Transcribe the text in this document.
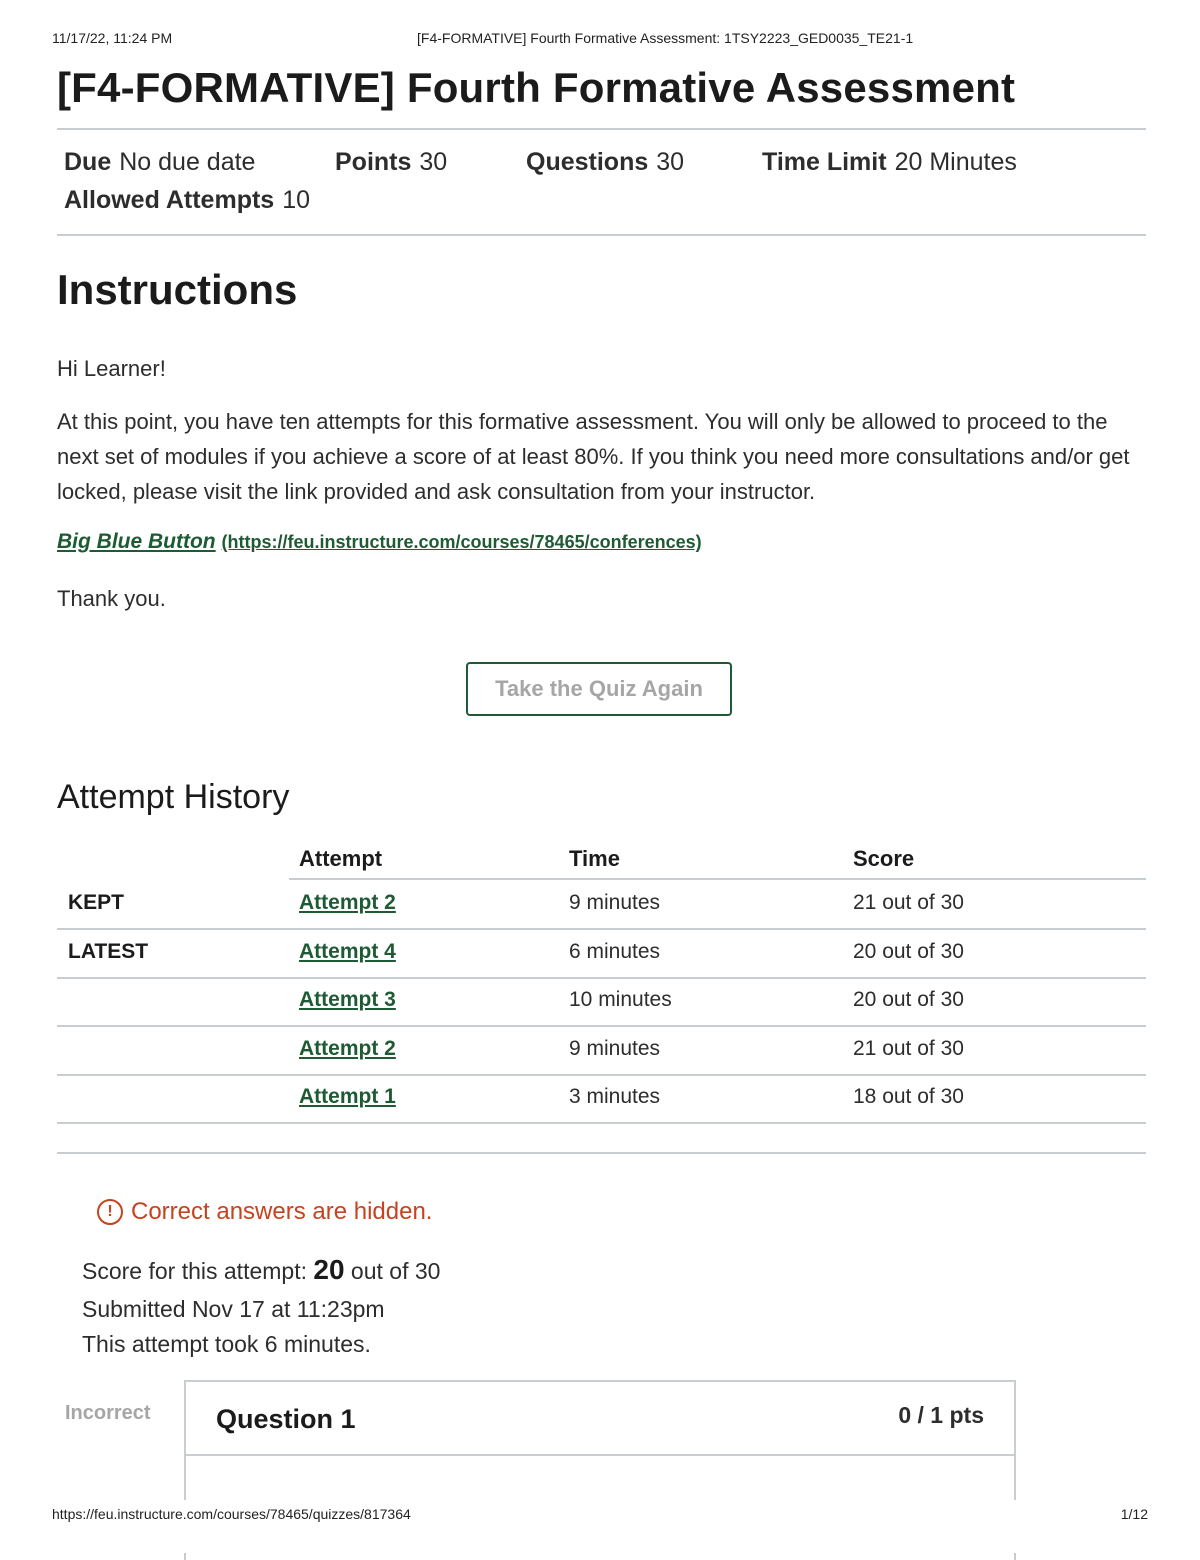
11/17/22, 11:24 PM	[F4-FORMATIVE] Fourth Formative Assessment: 1TSY2223_GED0035_TE21-1
[F4-FORMATIVE] Fourth Formative Assessment
Due No due date	Points 30	Questions 30	Time Limit 20 Minutes
Allowed Attempts 10
Instructions

Hi Learner!

At this point, you have ten attempts for this formative assessment. You will only be allowed to proceed to the next set of modules if you achieve a score of at least 80%. If you think you need more consultations and/or get locked, please visit the link provided and ask consultation from your instructor.

Big Blue Button (https://feu.instructure.com/courses/78465/conferences)

Thank you.

Take the Quiz Again
Attempt History
Attempt	Time	Score
KEPT	Attempt 2	9 minutes	21 out of 30
LATEST	Attempt 4	6 minutes	20 out of 30
Attempt 3	10 minutes	20 out of 30
Attempt 2	9 minutes	21 out of 30
Attempt 1	3 minutes	18 out of 30
! Correct answers are hidden.
Score for this attempt: 20 out of 30
Submitted Nov 17 at 11:23pm
This attempt took 6 minutes.
Incorrect Question 1	0 / 1 pts
https://feu.instructure.com/courses/78465/quizzes/817364	1/12
